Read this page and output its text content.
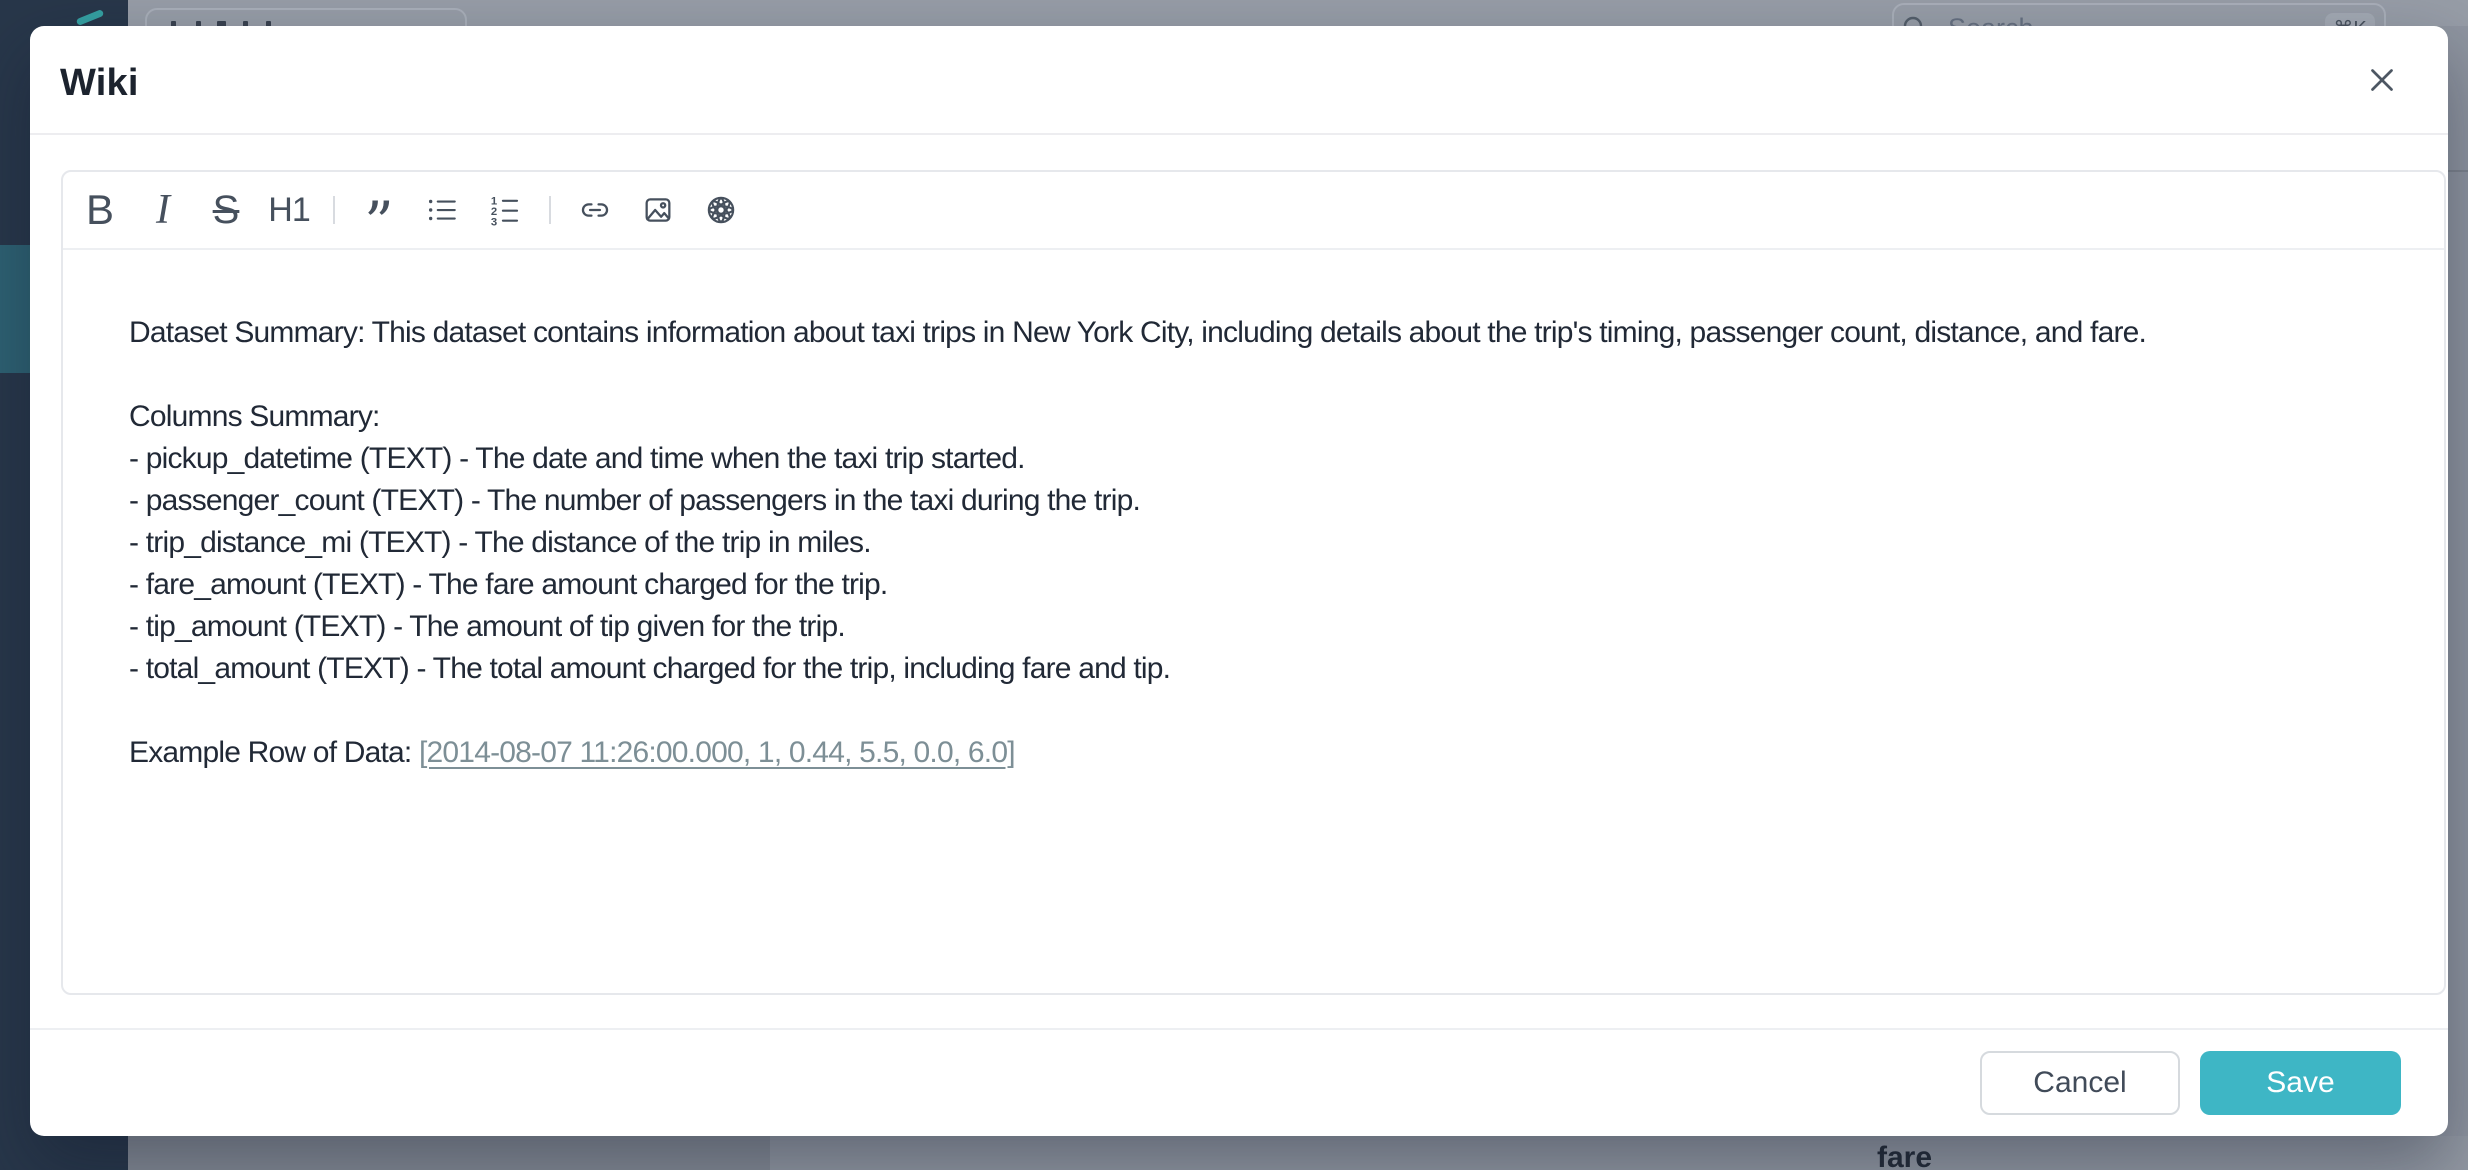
fare
Wiki
B I S H1 ”	1
2
3

Dataset Summary: This dataset contains information about taxi trips in New York City, including details about the trip's timing, passenger count, distance, and fare.

Columns Summary:

- pickup_datetime (TEXT) - The date and time when the taxi trip started.

- passenger_count (TEXT) - The number of passengers in the taxi during the trip.

- trip_distance_mi (TEXT) - The distance of the trip in miles.

- fare_amount (TEXT) - The fare amount charged for the trip.

- tip_amount (TEXT) - The amount of tip given for the trip.

- total_amount (TEXT) - The total amount charged for the trip, including fare and tip.

Example Row of Data: [2014-08-07 11:26:00.000, 1, 0.44, 5.5, 0.0, 6.0]

Cancel	Save
